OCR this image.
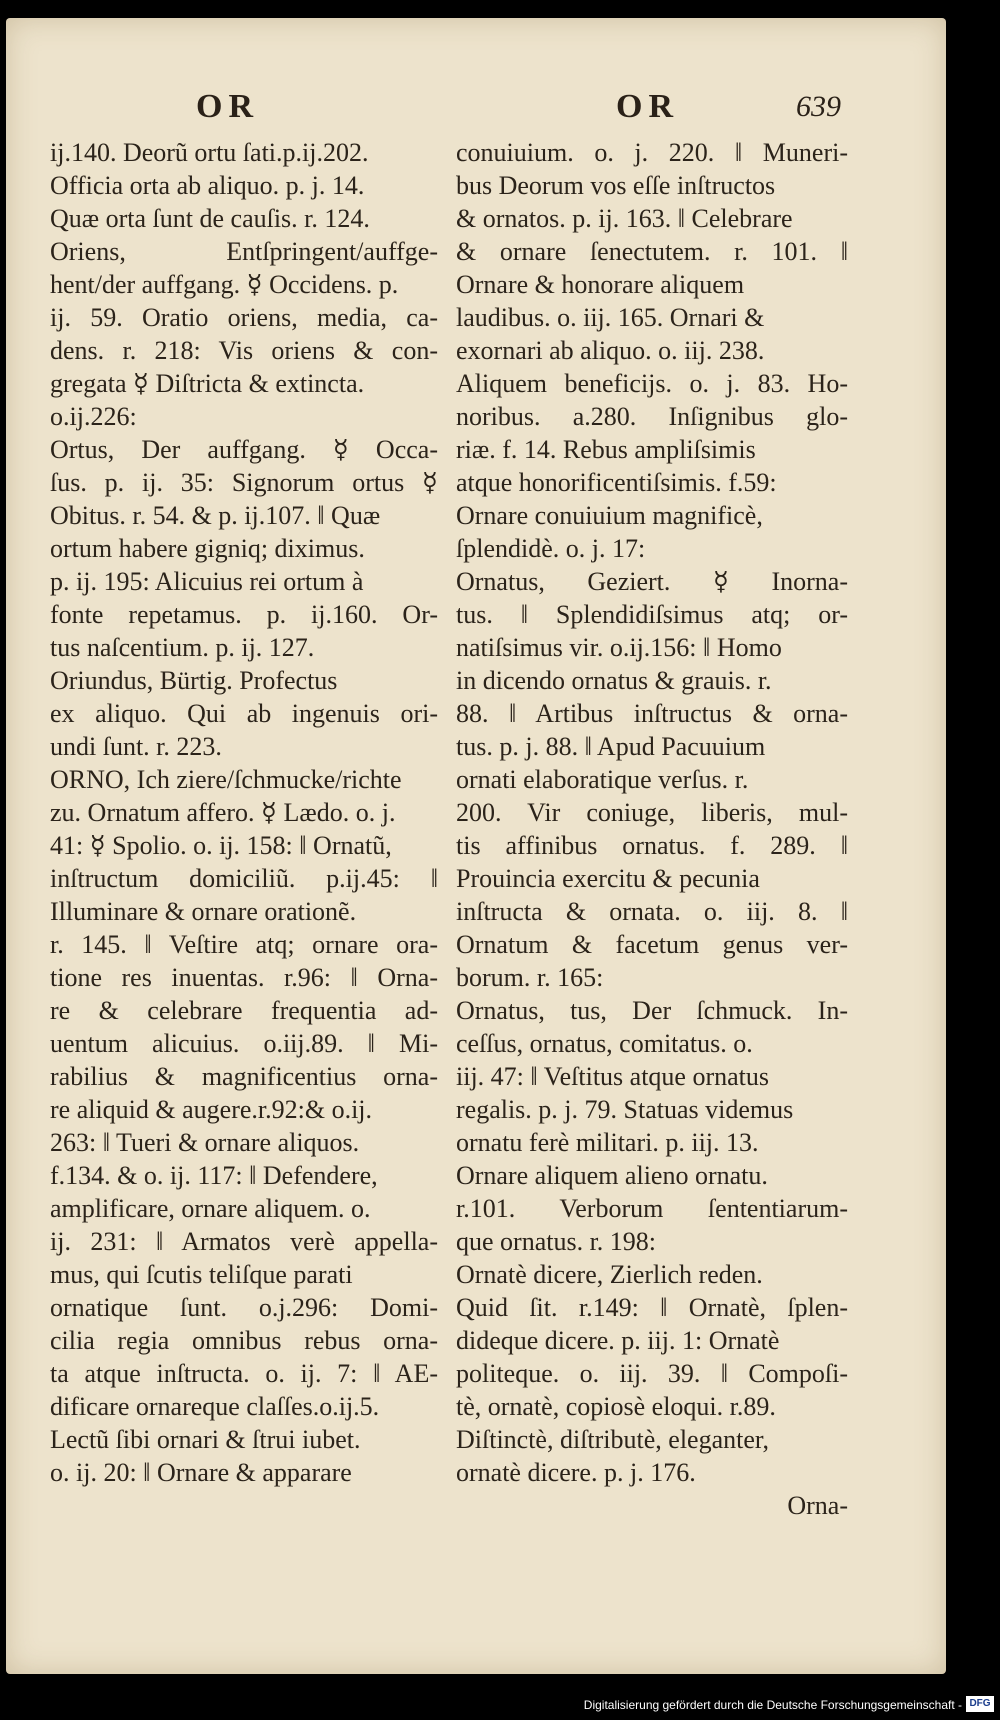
OR	OR	639
ij.140. Deorũ ortu ſati.p.ij.202.
Officia orta ab aliquo. p. j. 14.
Quæ orta ſunt de cauſis. r. 124.
Oriens, Entſpringent/auffge-
hent/der auffgang. ☿ Occidens. p.
ij. 59. Oratio oriens, media, ca-
dens. r. 218: Vis oriens & con-
gregata ☿ Diſtricta & extincta.
o.ij.226:
Ortus, Der auffgang. ☿ Occa-
ſus. p. ij. 35: Signorum ortus ☿
Obitus. r. 54. & p. ij.107. ‖ Quæ
ortum habere gigniq; diximus.
p. ij. 195: Alicuius rei ortum à
fonte repetamus. p. ij.160. Or-
tus naſcentium. p. ij. 127.
Oriundus, Bürtig. Profectus
ex aliquo. Qui ab ingenuis ori-
undi ſunt. r. 223.
ORNO, Ich ziere/ſchmucke/richte
zu. Ornatum affero. ☿ Lædo. o. j.
41: ☿ Spolio. o. ij. 158: ‖ Ornatũ,
inſtructum domiciliũ. p.ij.45: ‖
Illuminare & ornare orationẽ.
r. 145. ‖ Veſtire atq; ornare ora-
tione res inuentas. r.96: ‖ Orna-
re & celebrare frequentia ad-
uentum alicuius. o.iij.89. ‖ Mi-
rabilius & magnificentius orna-
re aliquid & augere.r.92:& o.ij.
263: ‖ Tueri & ornare aliquos.
f.134. & o. ij. 117: ‖ Defendere,
amplificare, ornare aliquem. o.
ij. 231: ‖ Armatos verè appella-
mus, qui ſcutis teliſque parati
ornatique ſunt. o.j.296: Domi-
cilia regia omnibus rebus orna-
ta atque inſtructa. o. ij. 7: ‖ AE-
dificare ornareque claſſes.o.ij.5.
Lectũ ſibi ornari & ſtrui iubet.
o. ij. 20: ‖ Ornare & apparare
conuiuium. o. j. 220. ‖ Muneri-
bus Deorum vos eſſe inſtructos
& ornatos. p. ij. 163. ‖ Celebrare
& ornare ſenectutem. r. 101. ‖
Ornare & honorare aliquem
laudibus. o. iij. 165. Ornari &
exornari ab aliquo. o. iij. 238.
Aliquem beneficijs. o. j. 83. Ho-
noribus. a.280. Inſignibus glo-
riæ. f. 14. Rebus ampliſsimis
atque honorificentiſsimis. f.59:
Ornare conuiuium magnificè,
ſplendidè. o. j. 17:
Ornatus, Geziert. ☿ Inorna-
tus. ‖ Splendidiſsimus atq; or-
natiſsimus vir. o.ij.156: ‖ Homo
in dicendo ornatus & grauis. r.
88. ‖ Artibus inſtructus & orna-
tus. p. j. 88. ‖ Apud Pacuuium
ornati elaboratique verſus. r.
200. Vir coniuge, liberis, mul-
tis affinibus ornatus. f. 289. ‖
Prouincia exercitu & pecunia
inſtructa & ornata. o. iij. 8. ‖
Ornatum & facetum genus ver-
borum. r. 165:
Ornatus, tus, Der ſchmuck. In-
ceſſus, ornatus, comitatus. o.
iij. 47: ‖ Veſtitus atque ornatus
regalis. p. j. 79. Statuas videmus
ornatu ferè militari. p. iij. 13.
Ornare aliquem alieno ornatu.
r.101. Verborum ſententiarum-
que ornatus. r. 198:
Ornatè dicere, Zierlich reden.
Quid ſit. r.149: ‖ Ornatè, ſplen-
dideque dicere. p. iij. 1: Ornatè
politeque. o. iij. 39. ‖ Compoſi-
tè, ornatè, copiosè eloqui. r.89.
Diſtinctè, diſtributè, eleganter,
ornatè dicere. p. j. 176.
Orna-
Digitalisierung gefördert durch die Deutsche Forschungsgemeinschaft - DFG
